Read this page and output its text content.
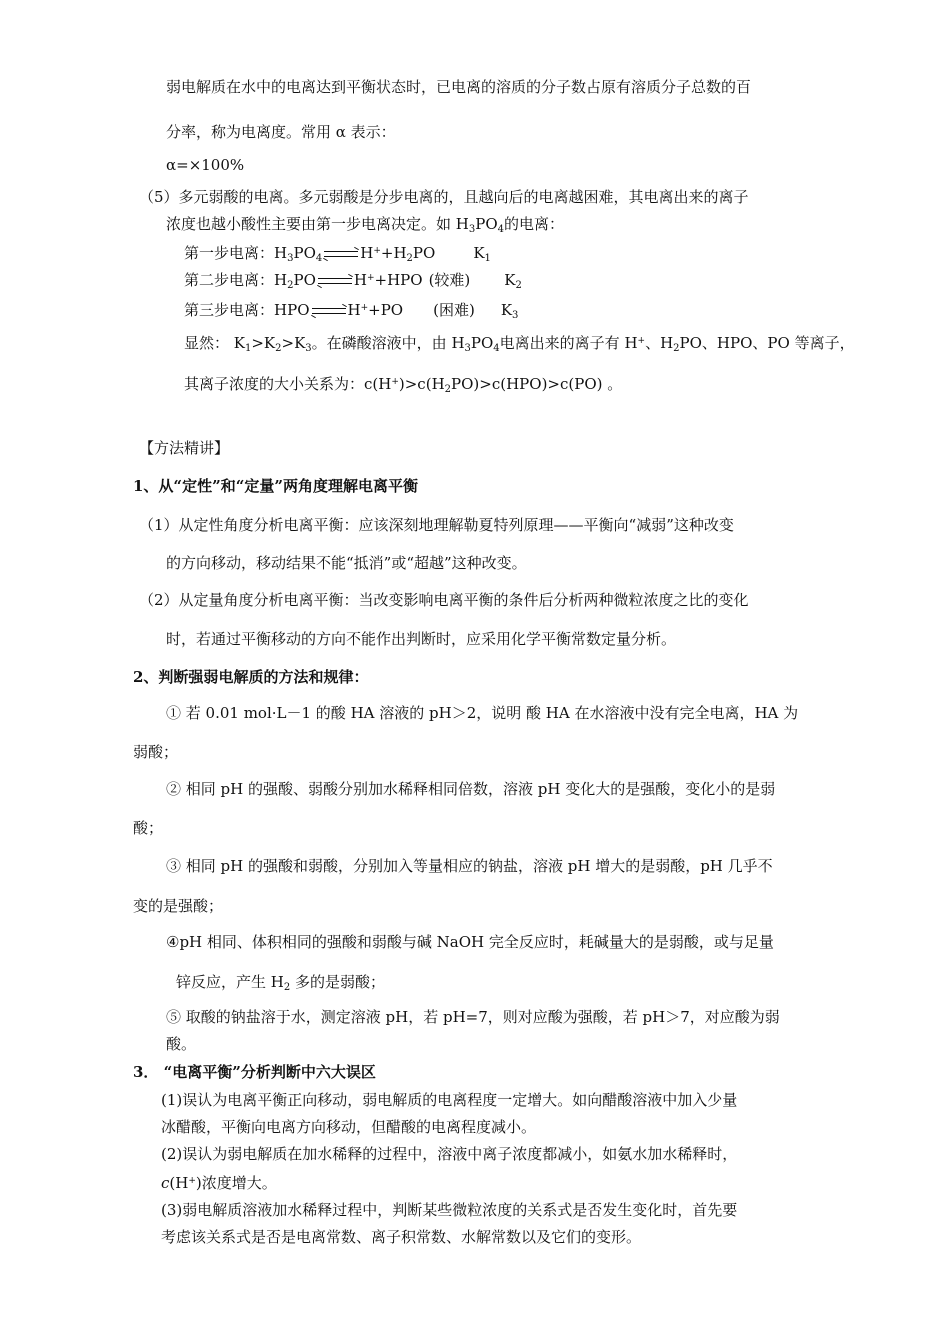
弱电解质在水中的电离达到平衡状态时，已电离的溶质的分子数占原有溶质分子总数的百
分率，称为电离度。常用 α 表示：
α=×100%
（5）多元弱酸的电离。多元弱酸是分步电离的，且越向后的电离越困难，其电离出来的离子
浓度也越小酸性主要由第一步电离决定。如 $H_3PO_4$的电离：
第一步电离：$H_3PO_4$	$H^++H_2PO$	$K_1$
第二步电离：$H_2PO$	H++HPO (较难) $K_2$
第三步电离：HPO	H++PO (困难) $K_3$
显然： $K_1>K_2>K_3$。在磷酸溶液中，由 $H_3PO_4$电离出来的离子有 H+、$H_2PO$、HPO、PO 等离子，
其离子浓度的大小关系为：$c(H^+)>c(H_2PO)>c(HPO)>c(PO)$ 。
【方法精讲】
1、从“定性”和“定量”两角度理解电离平衡
（1）从定性角度分析电离平衡：应该深刻地理解勒夏特列原理——平衡向“减弱”这种改变
的方向移动，移动结果不能“抵消”或“超越”这种改变。
（2）从定量角度分析电离平衡：当改变影响电离平衡的条件后分析两种微粒浓度之比的变化
时，若通过平衡移动的方向不能作出判断时，应采用化学平衡常数定量分析。
2、判断强弱电解质的方法和规律：
① 若 0.01 mol·L－1 的酸 HA 溶液的 pH＞2，说明 酸 HA 在水溶液中没有完全电离，HA 为
弱酸；
② 相同 pH 的强酸、弱酸分别加水稀释相同倍数，溶液 pH 变化大的是强酸，变化小的是弱
酸；
③ 相同 pH 的强酸和弱酸，分别加入等量相应的钠盐，溶液 pH 增大的是弱酸，pH 几乎不
变的是强酸；
④pH 相同、体积相同的强酸和弱酸与碱 NaOH 完全反应时，耗碱量大的是弱酸，或与足量
锌反应，产生 $H_2$ 多的是弱酸；
⑤ 取酸的钠盐溶于水，测定溶液 pH，若 pH=7，则对应酸为强酸，若 pH＞7，对应酸为弱
酸。
3． “电离平衡”分析判断中六大误区
(1)误认为电离平衡正向移动，弱电解质的电离程度一定增大。如向醋酸溶液中加入少量
冰醋酸，平衡向电离方向移动，但醋酸的电离程度减小。
(2)误认为弱电解质在加水稀释的过程中，溶液中离子浓度都减小，如氨水加水稀释时，
c(H+)浓度增大。
(3)弱电解质溶液加水稀释过程中，判断某些微粒浓度的关系式是否发生变化时，首先要
考虑该关系式是否是电离常数、离子积常数、水解常数以及它们的变形。
